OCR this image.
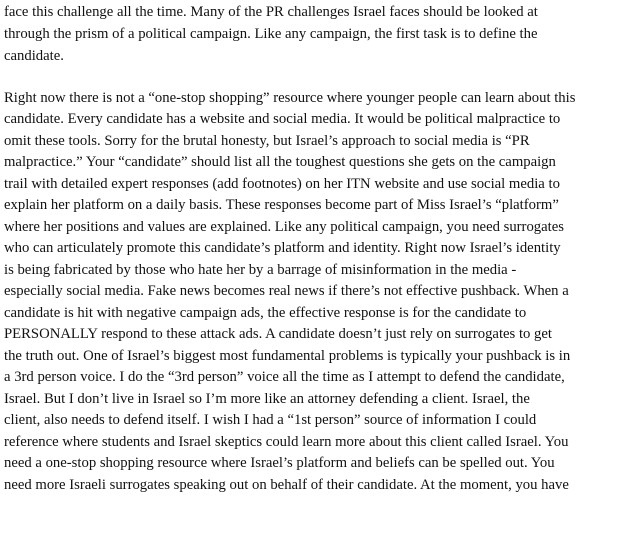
face this challenge all the time. Many of the PR challenges Israel faces should be looked at

through the prism of a political campaign. Like any campaign, the first task is to define the

candidate.

Right now there is not a “one-stop shopping” resource where younger people can learn about this

candidate. Every candidate has a website and social media. It would be political malpractice to

omit these tools. Sorry for the brutal honesty, but Israel’s approach to social media is “PR

malpractice.” Your “candidate” should list all the toughest questions she gets on the campaign

trail with detailed expert responses (add footnotes) on her ITN website and use social media to

explain her platform on a daily basis. These responses become part of Miss Israel’s “platform”

where her positions and values are explained. Like any political campaign, you need surrogates

who can articulately promote this candidate’s platform and identity. Right now Israel’s identity

is being fabricated by those who hate her by a barrage of misinformation in the media -

especially social media. Fake news becomes real news if there’s not effective pushback. When a

candidate is hit with negative campaign ads, the effective response is for the candidate to

PERSONALLY respond to these attack ads. A candidate doesn’t just rely on surrogates to get

the truth out. One of Israel’s biggest most fundamental problems is typically your pushback is in

a 3rd person voice. I do the “3rd person” voice all the time as I attempt to defend the candidate,

Israel. But I don’t live in Israel so I’m more like an attorney defending a client. Israel, the

client, also needs to defend itself. I wish I had a “1st person” source of information I could

reference where students and Israel skeptics could learn more about this client called Israel. You

need a one-stop shopping resource where Israel’s platform and beliefs can be spelled out. You

need more Israeli surrogates speaking out on behalf of their candidate. At the moment, you have
